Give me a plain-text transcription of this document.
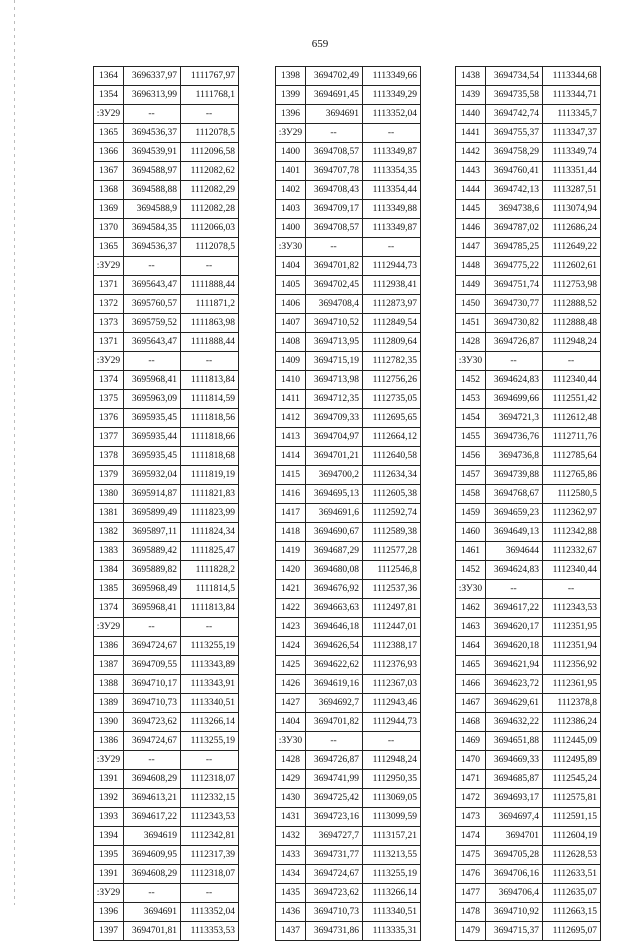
659
1364	3696337,97	1111767,97
1354	3696313,99	1111768,1
:ЗУ29	--	--
1365	3694536,37	1112078,5
1366	3694539,91	1112096,58
1367	3694588,97	1112082,62
1368	3694588,88	1112082,29
1369	3694588,9	1112082,28
1370	3694584,35	1112066,03
1365	3694536,37	1112078,5
:ЗУ29	--	--
1371	3695643,47	1111888,44
1372	3695760,57	1111871,2
1373	3695759,52	1111863,98
1371	3695643,47	1111888,44
:ЗУ29	--	--
1374	3695968,41	1111813,84
1375	3695963,09	1111814,59
1376	3695935,45	1111818,56
1377	3695935,44	1111818,66
1378	3695935,45	1111818,68
1379	3695932,04	1111819,19
1380	3695914,87	1111821,83
1381	3695899,49	1111823,99
1382	3695897,11	1111824,34
1383	3695889,42	1111825,47
1384	3695889,82	1111828,2
1385	3695968,49	1111814,5
1374	3695968,41	1111813,84
:ЗУ29	--	--
1386	3694724,67	1113255,19
1387	3694709,55	1113343,89
1388	3694710,17	1113343,91
1389	3694710,73	1113340,51
1390	3694723,62	1113266,14
1386	3694724,67	1113255,19
:ЗУ29	--	--
1391	3694608,29	1112318,07
1392	3694613,21	1112332,15
1393	3694617,22	1112343,53
1394	3694619	1112342,81
1395	3694609,95	1112317,39
1391	3694608,29	1112318,07
:ЗУ29	--	--
1396	3694691	1113352,04
1397	3694701,81	1113353,53
1398	3694702,49	1113349,66
1399	3694691,45	1113349,29
1396	3694691	1113352,04
:ЗУ29	--	--
1400	3694708,57	1113349,87
1401	3694707,78	1113354,35
1402	3694708,43	1113354,44
1403	3694709,17	1113349,88
1400	3694708,57	1113349,87
:ЗУ30	--	--
1404	3694701,82	1112944,73
1405	3694702,45	1112938,41
1406	3694708,4	1112873,97
1407	3694710,52	1112849,54
1408	3694713,95	1112809,64
1409	3694715,19	1112782,35
1410	3694713,98	1112756,26
1411	3694712,35	1112735,05
1412	3694709,33	1112695,65
1413	3694704,97	1112664,12
1414	3694701,21	1112640,58
1415	3694700,2	1112634,34
1416	3694695,13	1112605,38
1417	3694691,6	1112592,74
1418	3694690,67	1112589,38
1419	3694687,29	1112577,28
1420	3694680,08	1112546,8
1421	3694676,92	1112537,36
1422	3694663,63	1112497,81
1423	3694646,18	1112447,01
1424	3694626,54	1112388,17
1425	3694622,62	1112376,93
1426	3694619,16	1112367,03
1427	3694692,7	1112943,46
1404	3694701,82	1112944,73
:ЗУ30	--	--
1428	3694726,87	1112948,24
1429	3694741,99	1112950,35
1430	3694725,42	1113069,05
1431	3694723,16	1113099,59
1432	3694727,7	1113157,21
1433	3694731,77	1113213,55
1434	3694724,67	1113255,19
1435	3694723,62	1113266,14
1436	3694710,73	1113340,51
1437	3694731,86	1113335,31
1438	3694734,54	1113344,68
1439	3694735,58	1113344,71
1440	3694742,74	1113345,7
1441	3694755,37	1113347,37
1442	3694758,29	1113349,74
1443	3694760,41	1113351,44
1444	3694742,13	1113287,51
1445	3694738,6	1113074,94
1446	3694787,02	1112686,24
1447	3694785,25	1112649,22
1448	3694775,22	1112602,61
1449	3694751,74	1112753,98
1450	3694730,77	1112888,52
1451	3694730,82	1112888,48
1428	3694726,87	1112948,24
:ЗУ30	--	--
1452	3694624,83	1112340,44
1453	3694699,66	1112551,42
1454	3694721,3	1112612,48
1455	3694736,76	1112711,76
1456	3694736,8	1112785,64
1457	3694739,88	1112765,86
1458	3694768,67	1112580,5
1459	3694659,23	1112362,97
1460	3694649,13	1112342,88
1461	3694644	1112332,67
1452	3694624,83	1112340,44
:ЗУ30	--	--
1462	3694617,22	1112343,53
1463	3694620,17	1112351,95
1464	3694620,18	1112351,94
1465	3694621,94	1112356,92
1466	3694623,72	1112361,95
1467	3694629,61	1112378,8
1468	3694632,22	1112386,24
1469	3694651,88	1112445,09
1470	3694669,33	1112495,89
1471	3694685,87	1112545,24
1472	3694693,17	1112575,81
1473	3694697,4	1112591,15
1474	3694701	1112604,19
1475	3694705,28	1112628,53
1476	3694706,16	1112633,51
1477	3694706,4	1112635,07
1478	3694710,92	1112663,15
1479	3694715,37	1112695,07
